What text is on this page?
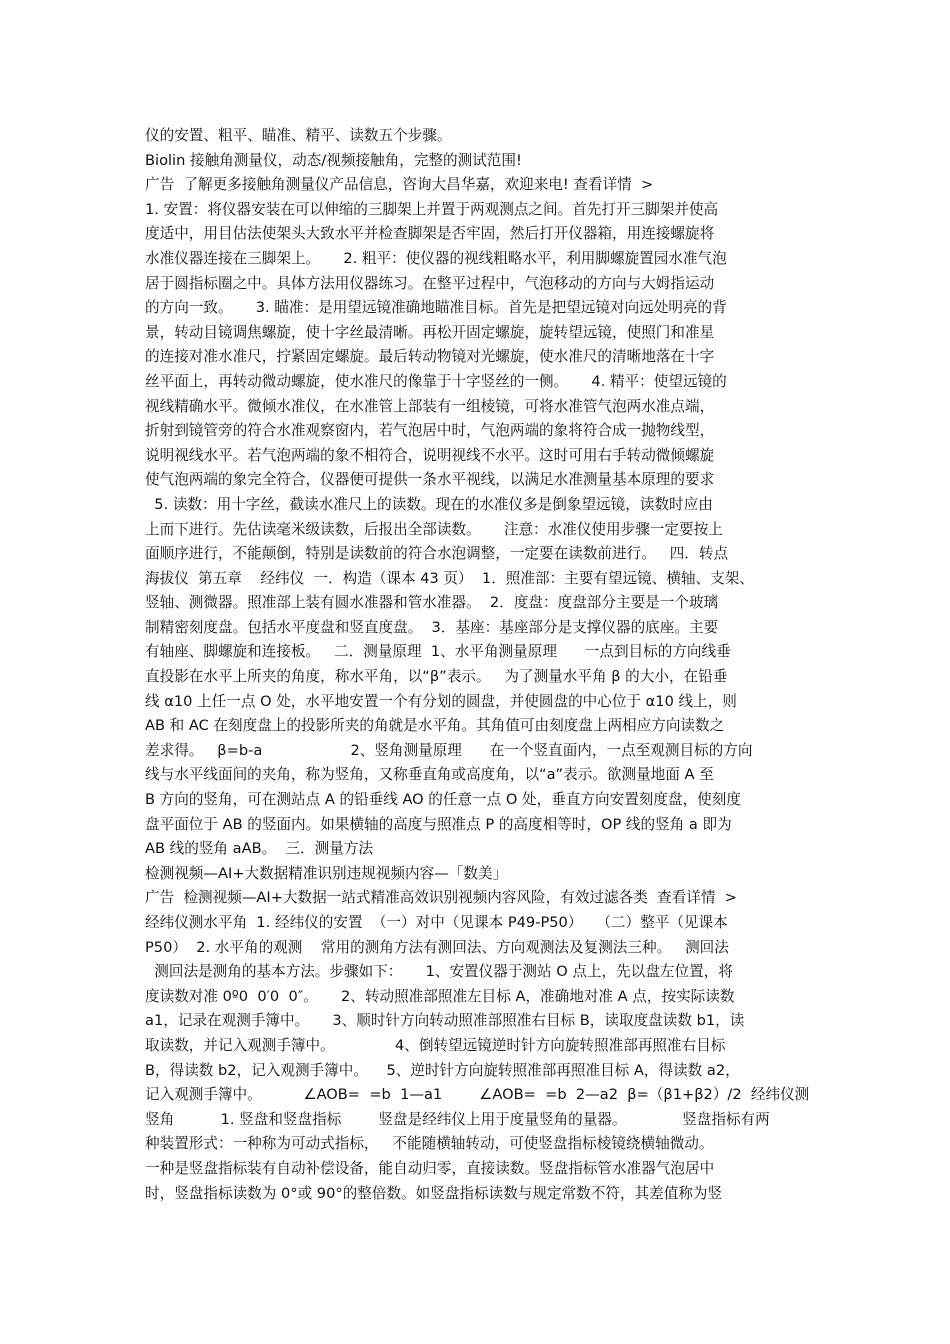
仪的安置、粗平、瞄准、精平、读数五个步骤。
Biolin 接触角测量仪，动态/视频接触角，完整的测试范围!
广告  了解更多接触角测量仪产品信息，咨询大昌华嘉，欢迎来电! 查看详情  >
1. 安置：将仪器安装在可以伸缩的三脚架上并置于两观测点之间。首先打开三脚架并使高
度适中，用目估法使架头大致水平并检查脚架是否牢固，然后打开仪器箱，用连接螺旋将
水准仪器连接在三脚架上。     2. 粗平：使仪器的视线粗略水平，利用脚螺旋置园水准气泡
居于圆指标圈之中。具体方法用仪器练习。在整平过程中，气泡移动的方向与大姆指运动
的方向一致。     3. 瞄准：是用望远镜准确地瞄准目标。首先是把望远镜对向远处明亮的背
景，转动目镜调焦螺旋，使十字丝最清晰。再松开固定螺旋，旋转望远镜，使照门和准星
的连接对准水准尺，拧紧固定螺旋。最后转动物镜对光螺旋，使水准尺的清晰地落在十字
丝平面上，再转动微动螺旋，使水准尺的像靠于十字竖丝的一侧。     4. 精平：使望远镜的
视线精确水平。微倾水准仪，在水准管上部装有一组棱镜，可将水准管气泡两水准点端，
折射到镜管旁的符合水准观察窗内，若气泡居中时，气泡两端的象将符合成一抛物线型，
说明视线水平。若气泡两端的象不相符合，说明视线不水平。这时可用右手转动微倾螺旋
使气泡两端的象完全符合，仪器便可提供一条水平视线，以满足水准测量基本原理的要求
5. 读数：用十字丝，截读水准尺上的读数。现在的水准仪多是倒象望远镜，读数时应由
上而下进行。先估读毫米级读数，后报出全部读数。     注意：水准仪使用步骤一定要按上
面顺序进行，不能颠倒，特别是读数前的符合水泡调整，一定要在读数前进行。   四．转点
海拔仪  第五章    经纬仪  一．构造（课本 43 页）  1．照准部：主要有望远镜、横轴、支架、
竖轴、测微器。照准部上装有圆水准器和管水准器。  2．度盘：度盘部分主要是一个玻璃
制精密刻度盘。包括水平度盘和竖直度盘。  3．基座：基座部分是支撑仪器的底座。主要
有轴座、脚螺旋和连接板。   二．测量原理  1、水平角测量原理      一点到目标的方向线垂
直投影在水平上所夹的角度，称水平角，以“β”表示。   为了测量水平角 β 的大小，在铅垂
线 α10 上任一点 O 处，水平地安置一个有分划的圆盘，并使圆盘的中心位于 α10 线上，则
AB 和 AC 在刻度盘上的投影所夹的角就是水平角。其角值可由刻度盘上两相应方向读数之
差求得。   β=b-a                   2、竖角测量原理      在一个竖直面内，一点至观测目标的方向
线与水平线面间的夹角，称为竖角，又称垂直角或高度角，以“a”表示。欲测量地面 A 至
B 方向的竖角，可在测站点 A 的铅垂线 AO 的任意一点 O 处，垂直方向安置刻度盘，使刻度
盘平面位于 AB 的竖面内。如果横轴的高度与照准点 P 的高度相等时，OP 线的竖角 a 即为
AB 线的竖角 aAB。  三．测量方法
检测视频—AI+大数据精准识别违规视频内容—「数美」
广告  检测视频—AI+大数据一站式精准高效识别视频内容风险，有效过滤各类  查看详情  >
经纬仪测水平角  1. 经纬仪的安置  （一）对中（见课本 P49-P50）   （二）整平（见课本
P50）  2. 水平角的观测    常用的测角方法有测回法、方向观测法及复测法三种。   测回法
测回法是测角的基本方法。步骤如下：     1、安置仪器于测站 O 点上，先以盘左位置，将
度读数对准 0º0  0′0  0″。     2、转动照准部照准左目标 A，准确地对准 A 点，按实际读数
a1，记录在观测手簿中。     3、顺时针方向转动照准部照准右目标 B，读取度盘读数 b1，读
取读数，并记入观测手簿中。             4、倒转望远镜逆时针方向旋转照准部再照准右目标
B，得读数 b2，记入观测手簿中。    5、逆时针方向旋转照准部再照准目标 A，得读数 a2，
记入观测手簿中。         ∠AOB=  =b  1—a1        ∠AOB=  =b  2—a2  β=（β1+β2）/2  经纬仪测
竖角          1. 竖盘和竖盘指标        竖盘是经纬仪上用于度量竖角的量器。            竖盘指标有两
种装置形式：一种称为可动式指标，   不能随横轴转动，可使竖盘指标棱镜绕横轴微动。
一种是竖盘指标装有自动补偿设备，能自动归零，直接读数。竖盘指标管水准器气泡居中
时，竖盘指标读数为 0°或 90°的整倍数。如竖盘指标读数与规定常数不符，其差值称为竖
